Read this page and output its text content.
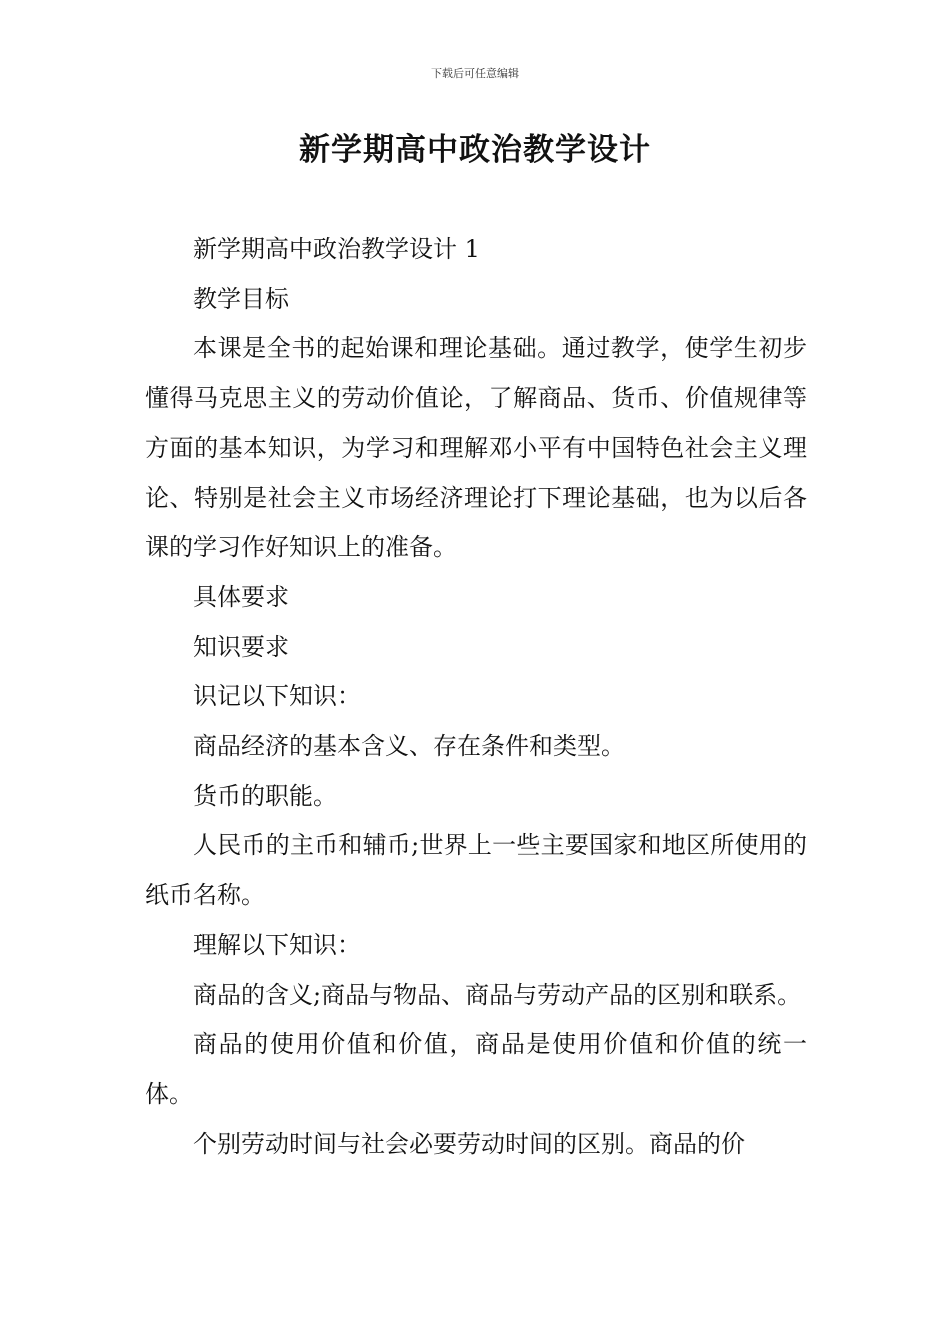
下载后可任意编辑
新学期高中政治教学设计

新学期高中政治教学设计 1

教学目标

本课是全书的起始课和理论基础。通过教学，使学生初步懂得马克思主义的劳动价值论，了解商品、货币、价值规律等方面的基本知识，为学习和理解邓小平有中国特色社会主义理论、特别是社会主义市场经济理论打下理论基础，也为以后各课的学习作好知识上的准备。

具体要求

知识要求

识记以下知识：

商品经济的基本含义、存在条件和类型。

货币的职能。

人民币的主币和辅币;世界上一些主要国家和地区所使用的纸币名称。

理解以下知识：

商品的含义;商品与物品、商品与劳动产品的区别和联系。

商品的使用价值和价值，商品是使用价值和价值的统一体。

个别劳动时间与社会必要劳动时间的区别。商品的价
